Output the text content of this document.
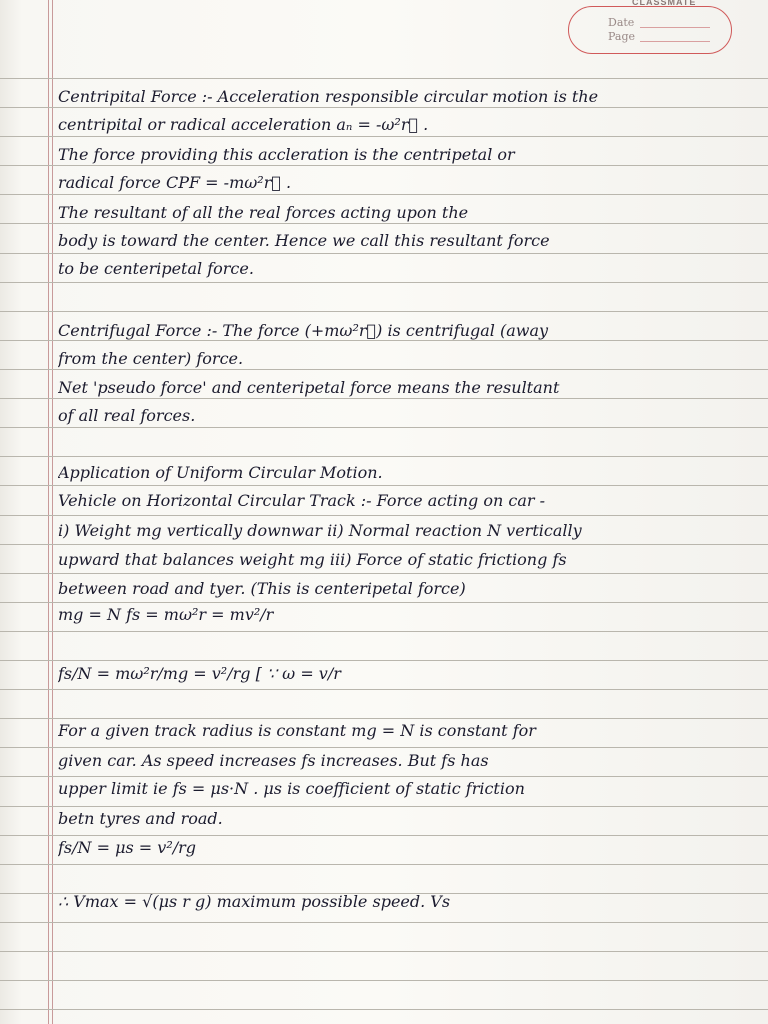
CLASSMATE
Date
Page
Centripital Force :- Acceleration responsible circular motion is the
centripital or radical acceleration aₙ = -ω²r⃗ .
The force providing this accleration is the centripetal or
radical force CPF = -mω²r⃗ .
The resultant of all the real forces acting upon the
body is toward the center. Hence we call this resultant force
to be centeripetal force.
Centrifugal Force :- The force (+mω²r⃗) is centrifugal (away
from the center) force.
Net 'pseudo force' and centeripetal force means the resultant
of all real forces.
Application of Uniform Circular Motion.
Vehicle on Horizontal Circular Track :- Force acting on car -
i) Weight mg vertically downwar ii) Normal reaction N vertically
upward that balances weight mg iii) Force of static frictiong fs
between road and tyer. (This is centeripetal force)
mg = N fs = mω²r = mv²/r
fs/N = mω²r/mg = v²/rg [ ∵ ω = v/r
For a given track radius is constant mg = N is constant for
given car. As speed increases fs increases. But fs has
upper limit ie fs = μs·N . μs is coefficient of static friction
betn tyres and road.
fs/N = μs = v²/rg
∴ Vmax = √(μs r g) maximum possible speed. Vs
